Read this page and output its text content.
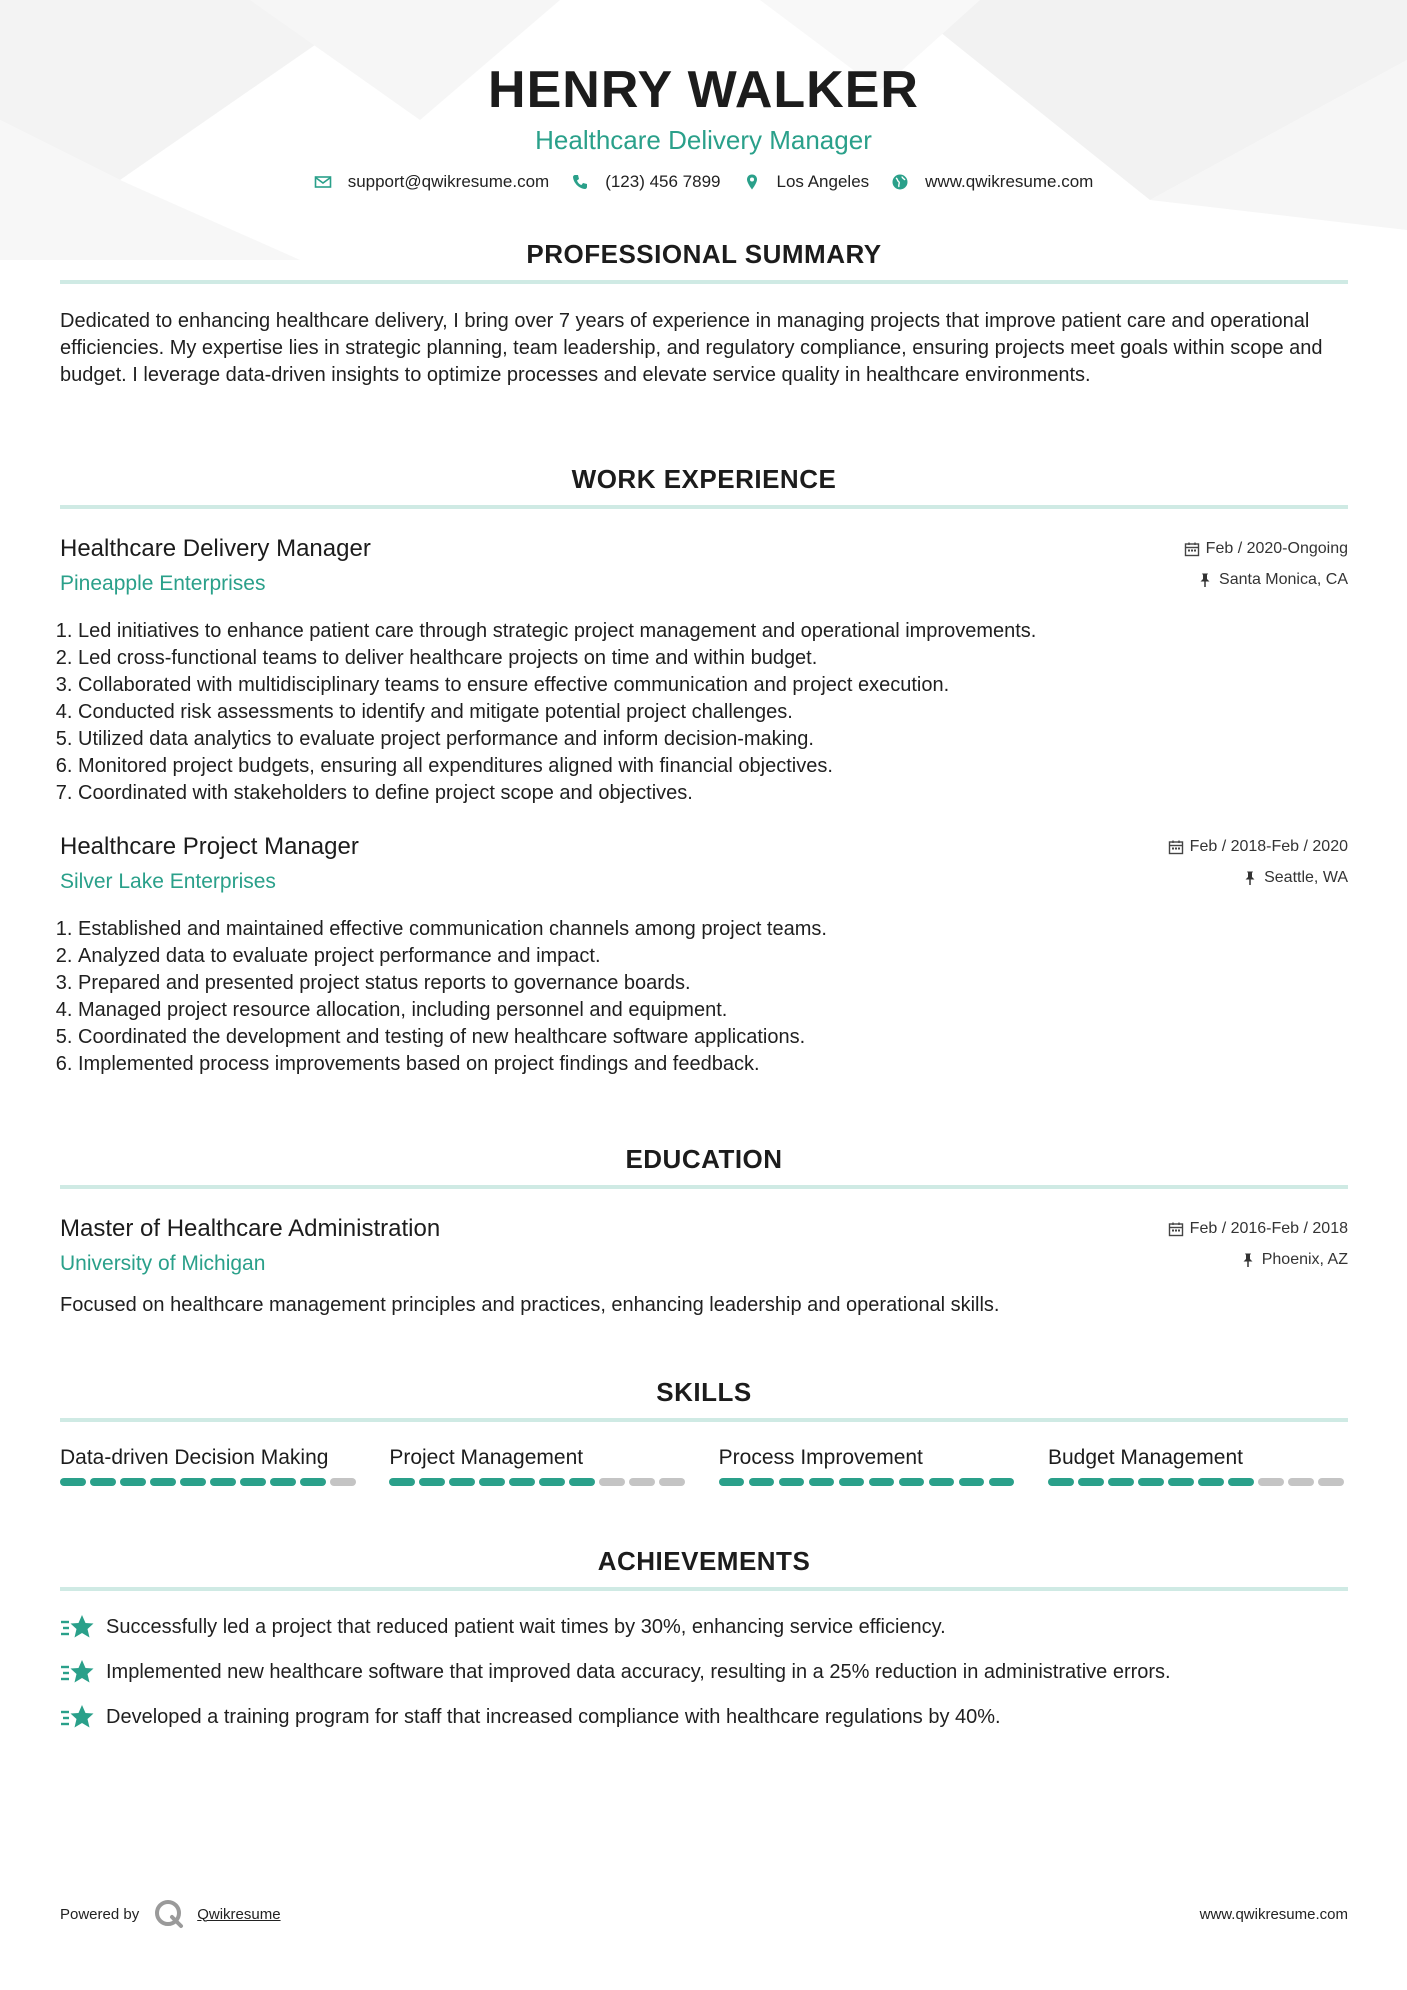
HENRY WALKER
Healthcare Delivery Manager
support@qwikresume.com	(123) 456 7899	Los Angeles	www.qwikresume.com
PROFESSIONAL SUMMARY
Dedicated to enhancing healthcare delivery, I bring over 7 years of experience in managing projects that improve patient care and operational efficiencies. My expertise lies in strategic planning, team leadership, and regulatory compliance, ensuring projects meet goals within scope and budget. I leverage data-driven insights to optimize processes and elevate service quality in healthcare environments.
WORK EXPERIENCE
Healthcare Delivery Manager
Pineapple Enterprises
Feb / 2020-Ongoing
Santa Monica, CA
1. Led initiatives to enhance patient care through strategic project management and operational improvements.
2. Led cross-functional teams to deliver healthcare projects on time and within budget.
3. Collaborated with multidisciplinary teams to ensure effective communication and project execution.
4. Conducted risk assessments to identify and mitigate potential project challenges.
5. Utilized data analytics to evaluate project performance and inform decision-making.
6. Monitored project budgets, ensuring all expenditures aligned with financial objectives.
7. Coordinated with stakeholders to define project scope and objectives.
Healthcare Project Manager
Silver Lake Enterprises
Feb / 2018-Feb / 2020
Seattle, WA
1. Established and maintained effective communication channels among project teams.
2. Analyzed data to evaluate project performance and impact.
3. Prepared and presented project status reports to governance boards.
4. Managed project resource allocation, including personnel and equipment.
5. Coordinated the development and testing of new healthcare software applications.
6. Implemented process improvements based on project findings and feedback.
EDUCATION
Master of Healthcare Administration
University of Michigan
Feb / 2016-Feb / 2018
Phoenix, AZ
Focused on healthcare management principles and practices, enhancing leadership and operational skills.
SKILLS
Data-driven Decision Making	Project Management	Process Improvement	Budget Management
ACHIEVEMENTS
Successfully led a project that reduced patient wait times by 30%, enhancing service efficiency.
Implemented new healthcare software that improved data accuracy, resulting in a 25% reduction in administrative errors.
Developed a training program for staff that increased compliance with healthcare regulations by 40%.
Powered by	Qwikresume	www.qwikresume.com
